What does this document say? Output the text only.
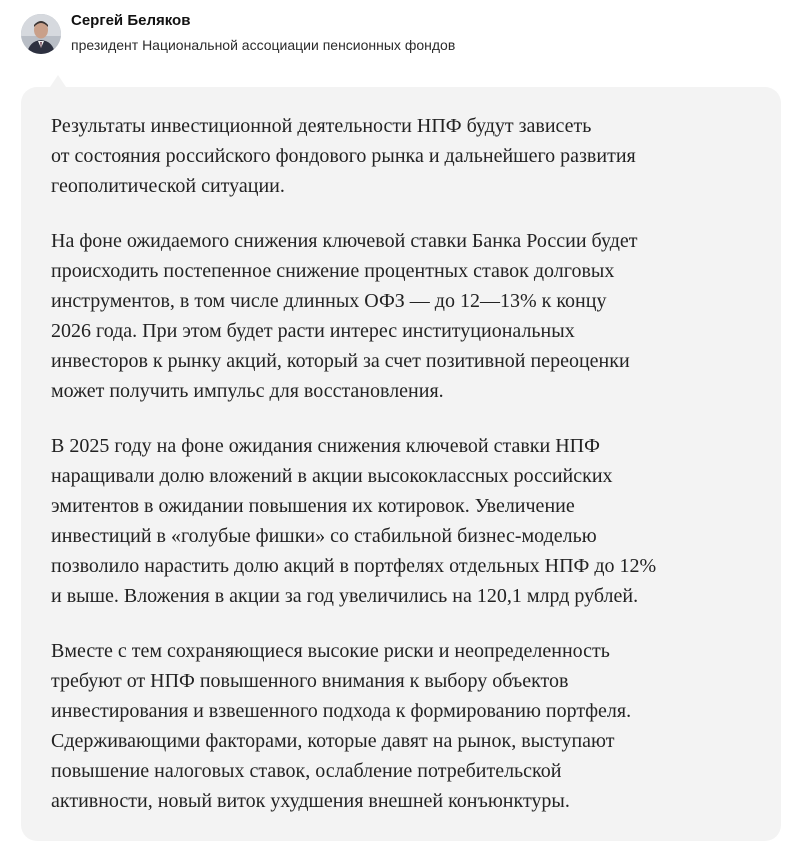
Сергей Беляков
президент Национальной ассоциации пенсионных фондов

Результаты инвестиционной деятельности НПФ будут зависеть
от состояния российского фондового рынка и дальнейшего развития
геополитической ситуации.

На фоне ожидаемого снижения ключевой ставки Банка России будет
происходить постепенное снижение процентных ставок долговых
инструментов, в том числе длинных ОФЗ — до 12—13% к концу
2026 года. При этом будет расти интерес институциональных
инвесторов к рынку акций, который за счет позитивной переоценки
может получить импульс для восстановления.

В 2025 году на фоне ожидания снижения ключевой ставки НПФ
наращивали долю вложений в акции высококлассных российских
эмитентов в ожидании повышения их котировок. Увеличение
инвестиций в «голубые фишки» со стабильной бизнес-моделью
позволило нарастить долю акций в портфелях отдельных НПФ до 12%
и выше. Вложения в акции за год увеличились на 120,1 млрд рублей.

Вместе с тем сохраняющиеся высокие риски и неопределенность
требуют от НПФ повышенного внимания к выбору объектов
инвестирования и взвешенного подхода к формированию портфеля.
Сдерживающими факторами, которые давят на рынок, выступают
повышение налоговых ставок, ослабление потребительской
активности, новый виток ухудшения внешней конъюнктуры.
